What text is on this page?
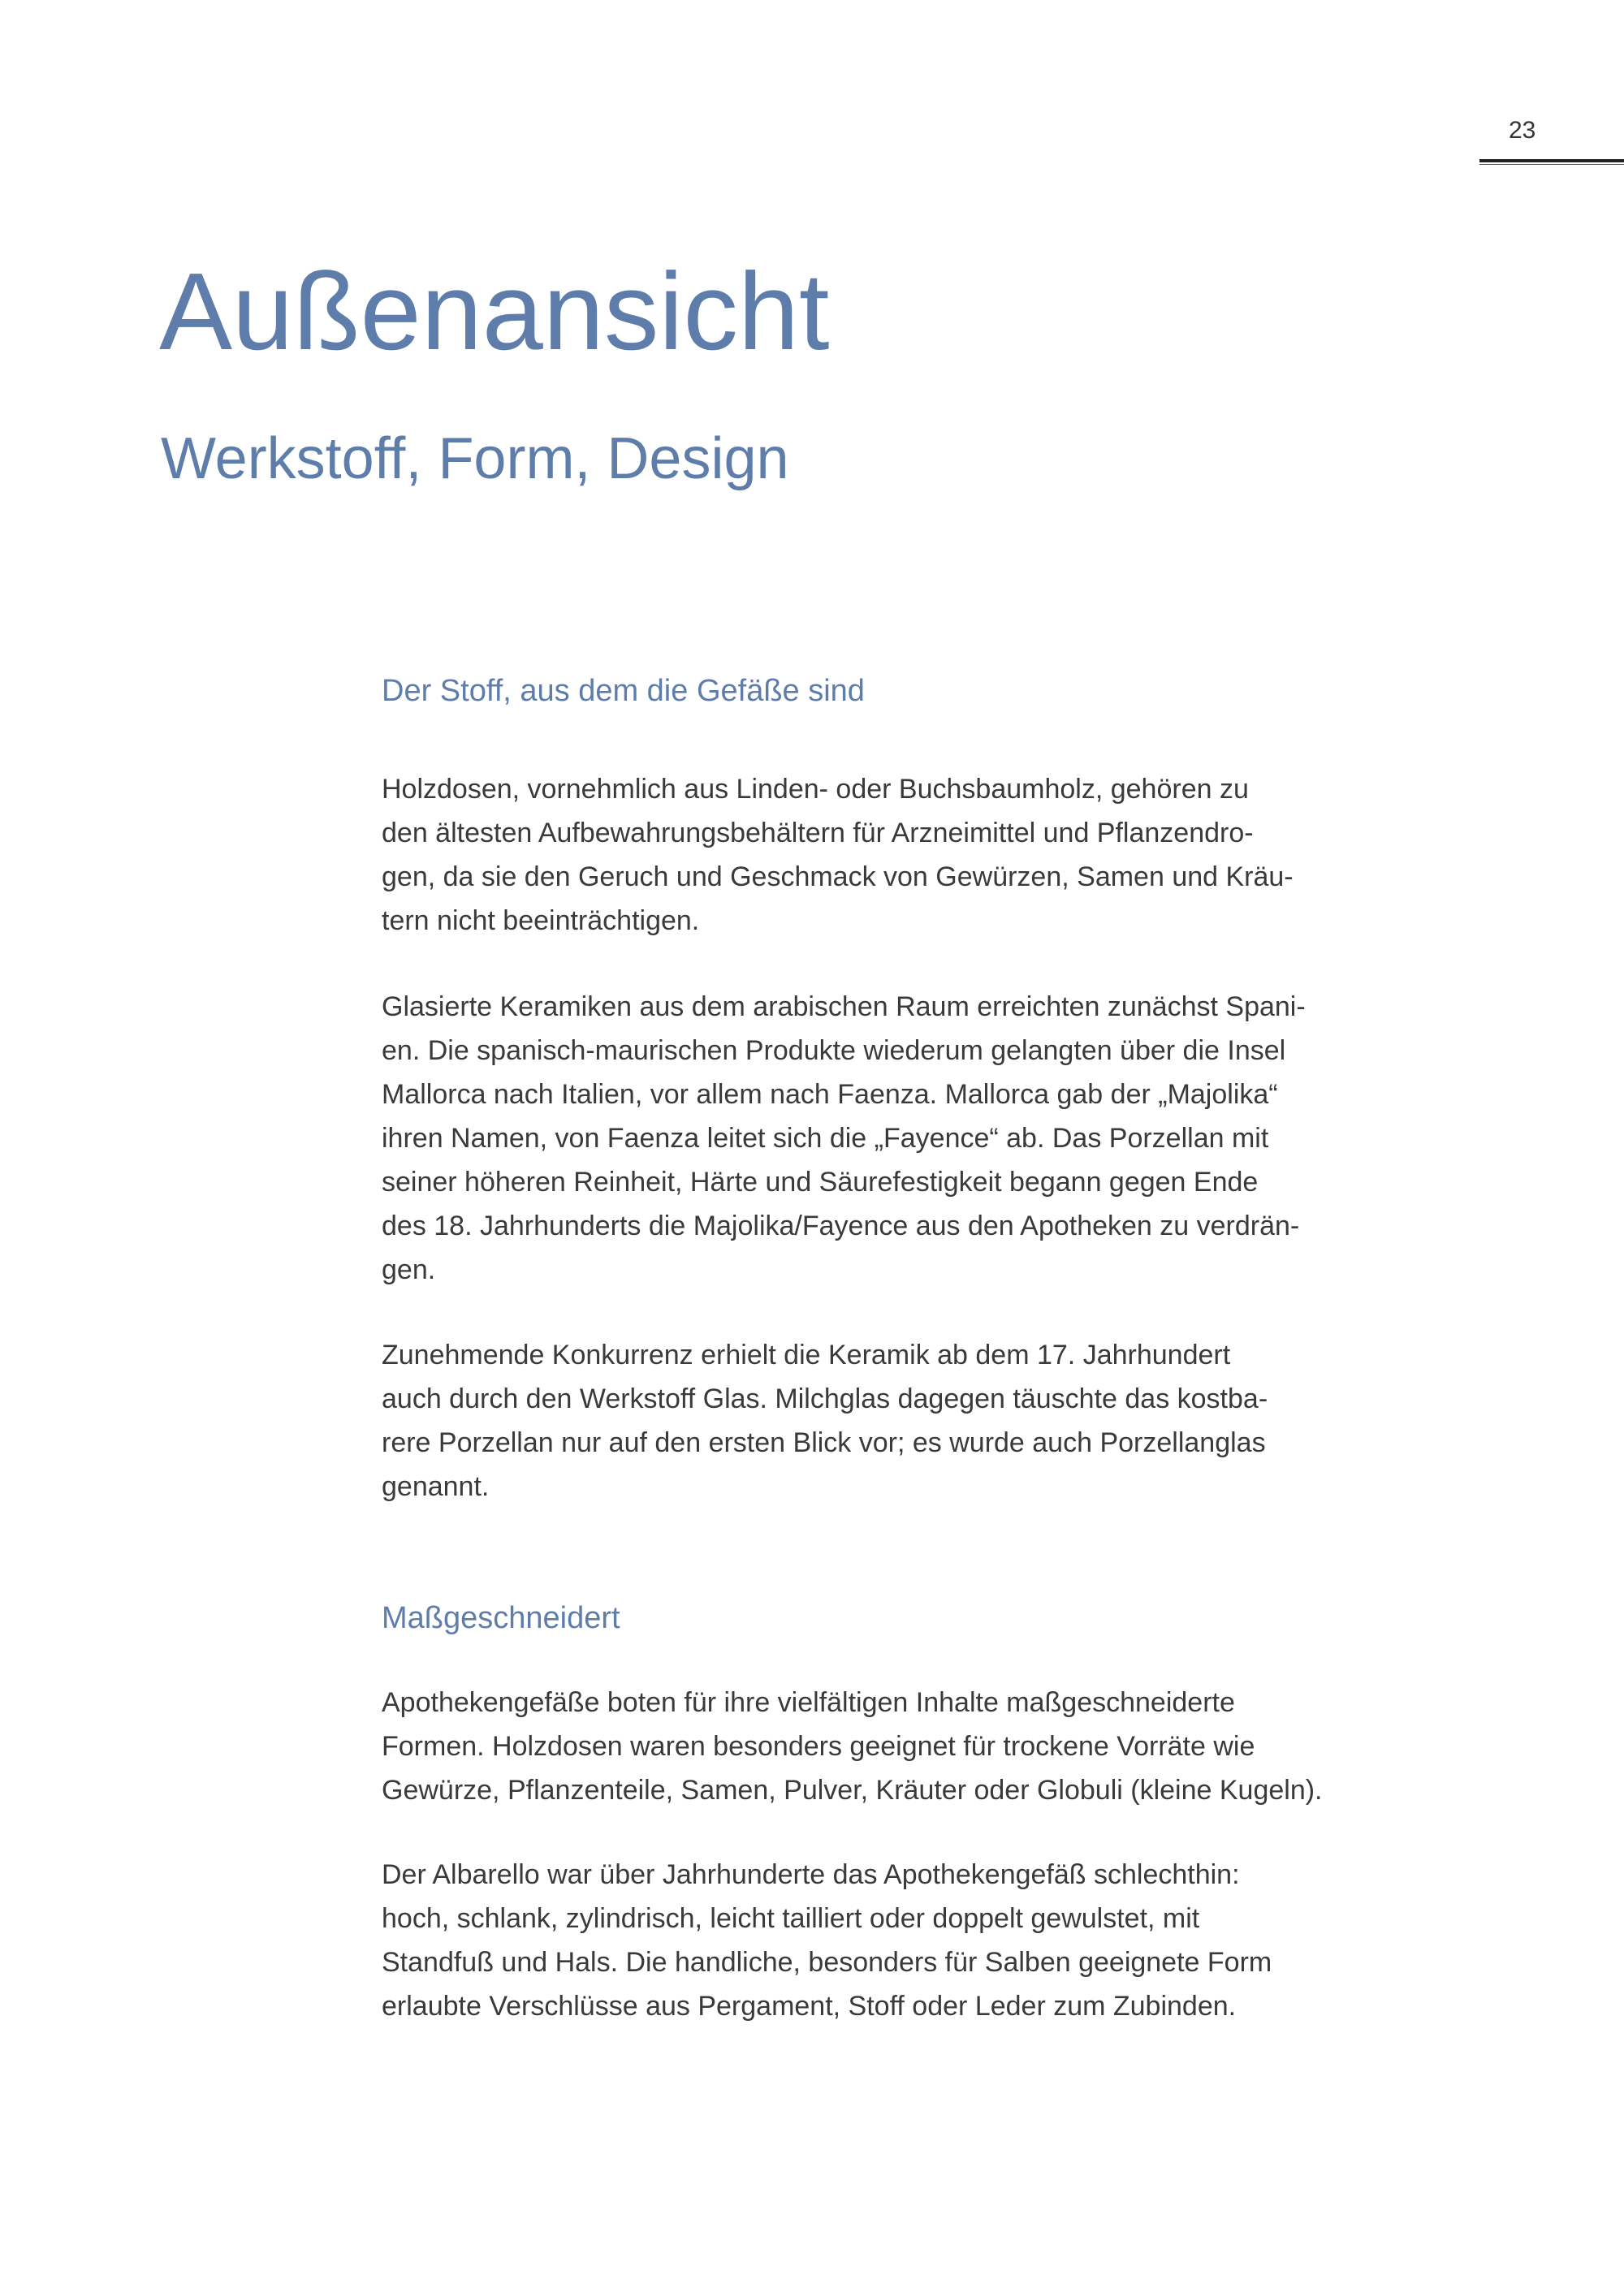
23
Außenansicht
Werkstoff, Form, Design
Der Stoff, aus dem die Gefäße sind
Holzdosen, vornehmlich aus Linden- oder Buchsbaumholz, gehören zu
den ältesten Aufbewahrungsbehältern für Arzneimittel und Pflanzendro-
gen, da sie den Geruch und Geschmack von Gewürzen, Samen und Kräu-
tern nicht beeinträchtigen.
Glasierte Keramiken aus dem arabischen Raum erreichten zunächst Spani-
en. Die spanisch-maurischen Produkte wiederum gelangten über die Insel
Mallorca nach Italien, vor allem nach Faenza. Mallorca gab der „Majolika“
ihren Namen, von Faenza leitet sich die „Fayence“ ab. Das Porzellan mit
seiner höheren Reinheit, Härte und Säurefestigkeit begann gegen Ende
des 18. Jahrhunderts die Majolika/Fayence aus den Apotheken zu verdrän-
gen.
Zunehmende Konkurrenz erhielt die Keramik ab dem 17. Jahrhundert
auch durch den Werkstoff Glas. Milchglas dagegen täuschte das kostba-
rere Porzellan nur auf den ersten Blick vor; es wurde auch Porzellanglas
genannt.
Maßgeschneidert
Apothekengefäße boten für ihre vielfältigen Inhalte maßgeschneiderte
Formen. Holzdosen waren besonders geeignet für trockene Vorräte wie
Gewürze, Pflanzenteile, Samen, Pulver, Kräuter oder Globuli (kleine Kugeln).
Der Albarello war über Jahrhunderte das Apothekengefäß schlechthin:
hoch, schlank, zylindrisch, leicht tailliert oder doppelt gewulstet, mit
Standfuß und Hals. Die handliche, besonders für Salben geeignete Form
erlaubte Verschlüsse aus Pergament, Stoff oder Leder zum Zubinden.
